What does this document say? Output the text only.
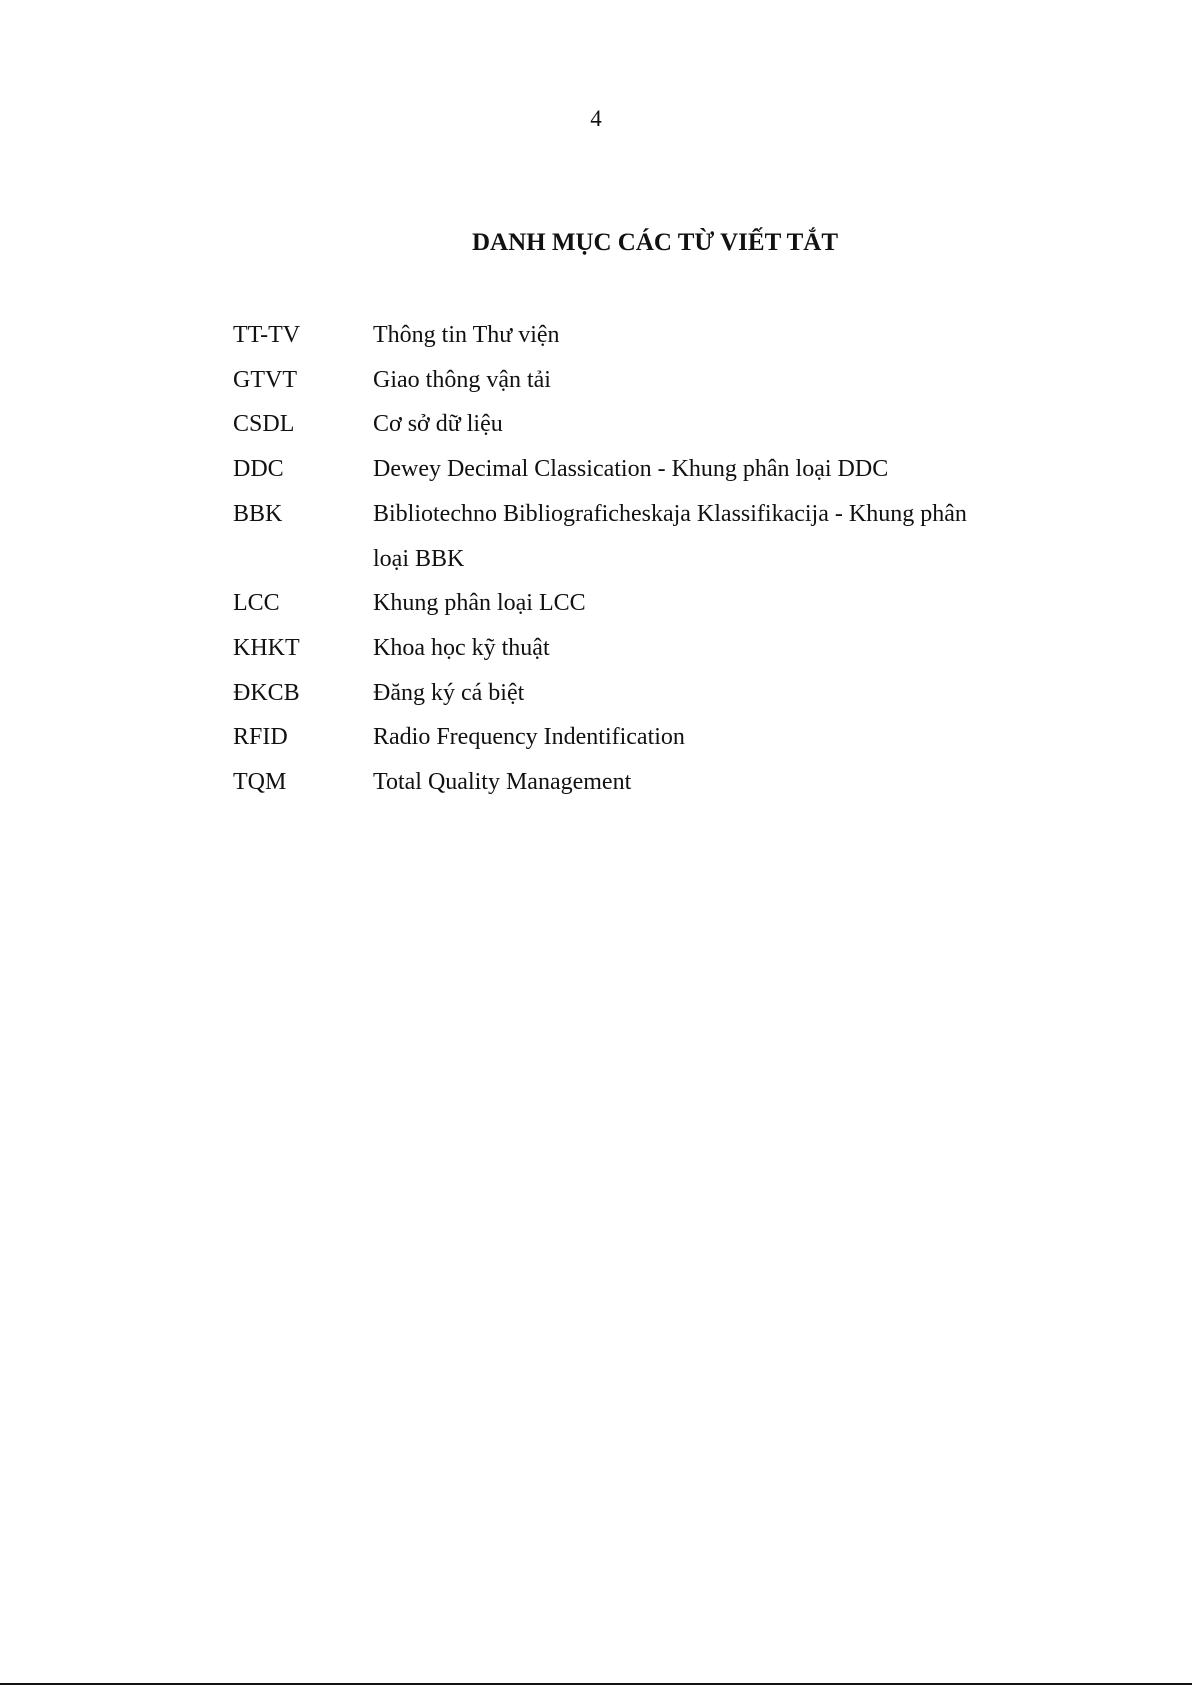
4
DANH MỤC CÁC TỪ VIẾT TẮT
TT-TV	Thông tin Thư viện
GTVT	Giao thông vận tải
CSDL	Cơ sở dữ liệu
DDC	Dewey Decimal Classication - Khung phân loại DDC
BBK	Bibliotechno Bibliograficheskaja Klassifikacija - Khung phân loại BBK
LCC	Khung phân loại LCC
KHKT	Khoa học kỹ thuật
ĐKCB	Đăng ký cá biệt
RFID	Radio Frequency Indentification
TQM	Total Quality Management
